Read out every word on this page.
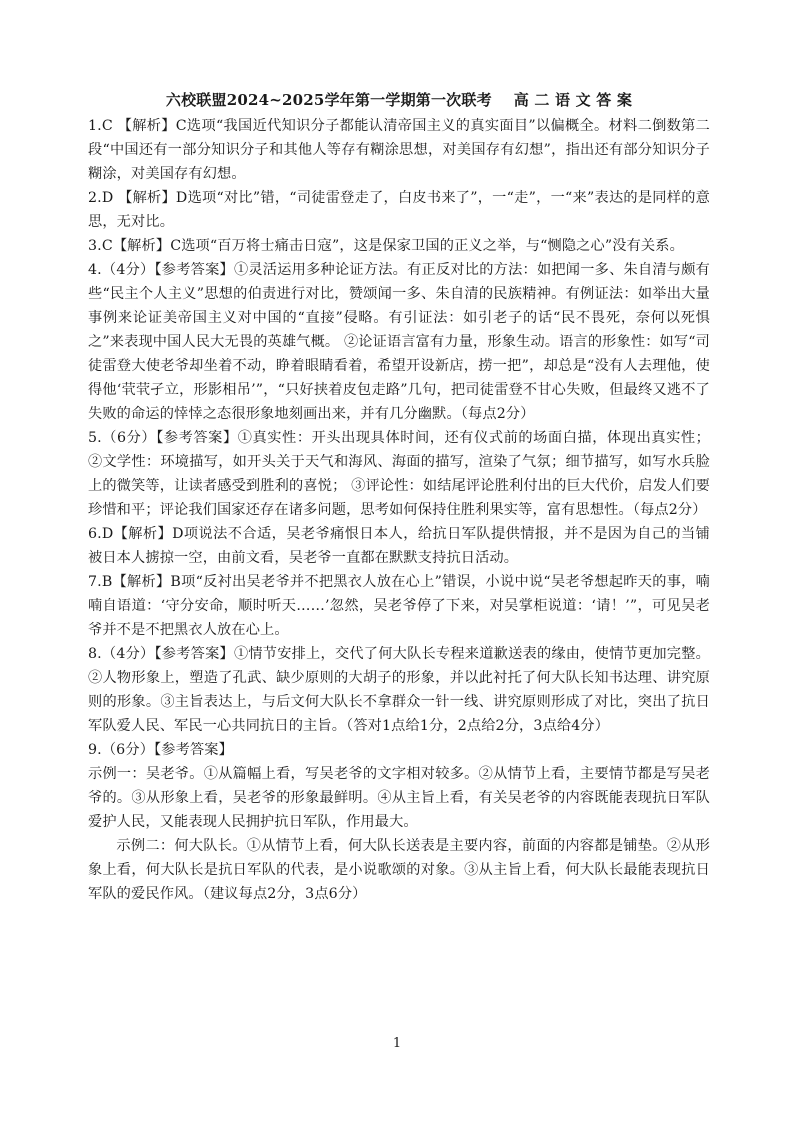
六校联盟2024~2025学年第一学期第一次联考 高 二 语 文 答 案

1.C 【解析】C选项“我国近代知识分子都能认清帝国主义的真实面目”以偏概全。材料二倒数第二段“中国还有一部分知识分子和其他人等存有糊涂思想，对美国存有幻想”，指出还有部分知识分子糊涂，对美国存有幻想。

2.D 【解析】D选项“对比”错，“司徒雷登走了，白皮书来了”，一“走”，一“来”表达的是同样的意思，无对比。

3.C【解析】C选项“百万将士痛击日寇”，这是保家卫国的正义之举，与“恻隐之心”没有关系。

4.（4分）【参考答案】①灵活运用多种论证方法。有正反对比的方法：如把闻一多、朱自清与颇有些“民主个人主义”思想的伯责进行对比，赞颂闻一多、朱自清的民族精神。有例证法：如举出大量事例来论证美帝国主义对中国的“直接”侵略。有引证法：如引老子的话“民不畏死，奈何以死惧之”来表现中国人民大无畏的英雄气概。 ②论证语言富有力量，形象生动。语言的形象性：如写“司徒雷登大使老爷却坐着不动，睁着眼睛看着，希望开设新店，捞一把”，却总是“没有人去理他，使得他‘茕茕孑立，形影相吊’”，“只好挟着皮包走路”几句，把司徒雷登不甘心失败，但最终又逃不了失败的命运的悻悻之态很形象地刻画出来，并有几分幽默。（每点2分）

5.（6分）【参考答案】①真实性：开头出现具体时间，还有仪式前的场面白描，体现出真实性； ②文学性：环境描写，如开头关于天气和海风、海面的描写，渲染了气氛；细节描写，如写水兵脸上的微笑等，让读者感受到胜利的喜悦； ③评论性：如结尾评论胜利付出的巨大代价，启发人们要珍惜和平；评论我们国家还存在诸多问题，思考如何保持住胜利果实等，富有思想性。（每点2分）

6.D【解析】D项说法不合适，吴老爷痛恨日本人，给抗日军队提供情报，并不是因为自己的当铺被日本人掳掠一空，由前文看，吴老爷一直都在默默支持抗日活动。

7.B【解析】B项“反衬出吴老爷并不把黑衣人放在心上”错误，小说中说“吴老爷想起昨天的事，喃喃自语道：‘守分安命，顺时听天……’忽然，吴老爷停了下来，对吴掌柜说道：‘请！’”，可见吴老爷并不是不把黑衣人放在心上。

8.（4分）【参考答案】①情节安排上，交代了何大队长专程来道歉送表的缘由，使情节更加完整。②人物形象上，塑造了孔武、缺少原则的大胡子的形象，并以此衬托了何大队长知书达理、讲究原则的形象。③主旨表达上，与后文何大队长不拿群众一针一线、讲究原则形成了对比，突出了抗日军队爱人民、军民一心共同抗日的主旨。（答对1点给1分，2点给2分，3点给4分）

9.（6分）【参考答案】

示例一：吴老爷。①从篇幅上看，写吴老爷的文字相对较多。②从情节上看，主要情节都是写吴老爷的。③从形象上看，吴老爷的形象最鲜明。④从主旨上看，有关吴老爷的内容既能表现抗日军队爱护人民，又能表现人民拥护抗日军队，作用最大。

示例二：何大队长。①从情节上看，何大队长送表是主要内容，前面的内容都是铺垫。②从形象上看，何大队长是抗日军队的代表，是小说歌颂的对象。③从主旨上看，何大队长最能表现抗日军队的爱民作风。（建议每点2分，3点6分）

1
